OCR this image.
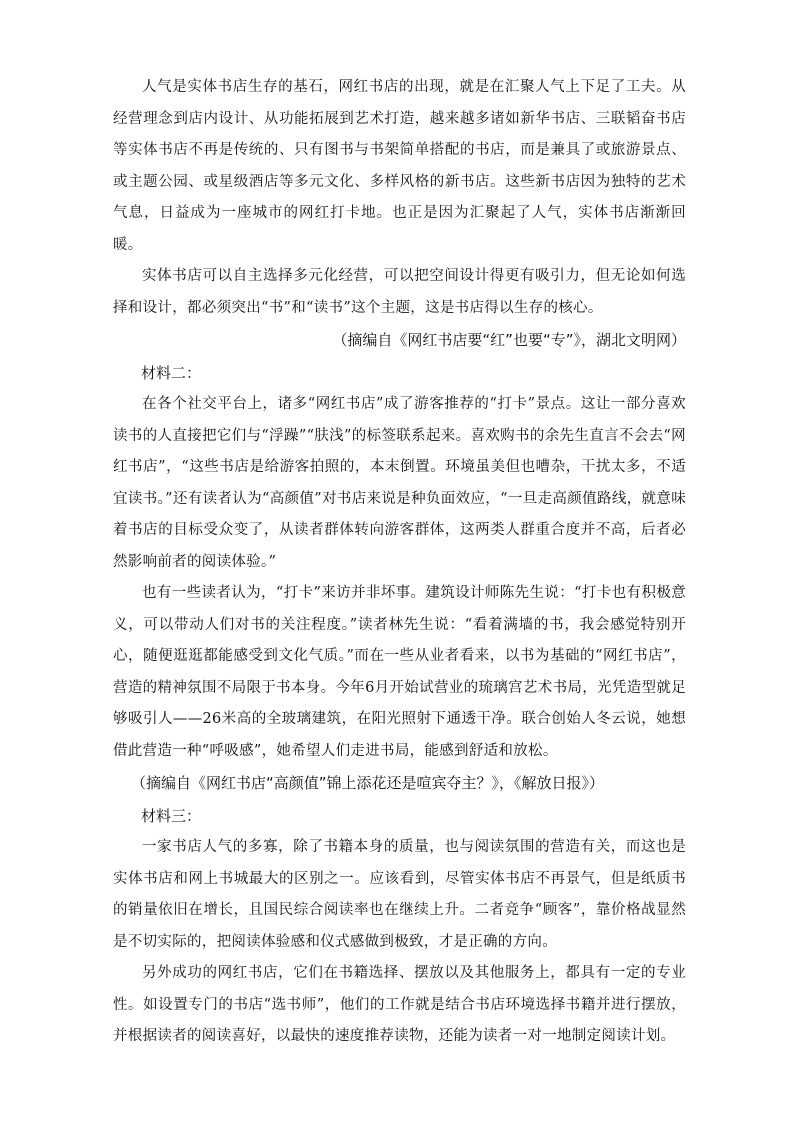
人气是实体书店生存的基石，网红书店的出现，就是在汇聚人气上下足了工夫。从经营理念到店内设计、从功能拓展到艺术打造，越来越多诸如新华书店、三联韬奋书店等实体书店不再是传统的、只有图书与书架简单搭配的书店，而是兼具了或旅游景点、或主题公园、或星级酒店等多元文化、多样风格的新书店。这些新书店因为独特的艺术气息，日益成为一座城市的网红打卡地。也正是因为汇聚起了人气，实体书店渐渐回暖。

实体书店可以自主选择多元化经营，可以把空间设计得更有吸引力，但无论如何选择和设计，都必须突出“书”和“读书”这个主题，这是书店得以生存的核心。

（摘编自《网红书店要“红”也要“专”》，湖北文明网）

材料二：

在各个社交平台上，诸多“网红书店”成了游客推荐的“打卡”景点。这让一部分喜欢读书的人直接把它们与“浮躁”“肤浅”的标签联系起来。喜欢购书的余先生直言不会去“网红书店”，“这些书店是给游客拍照的，本末倒置。环境虽美但也嘈杂，干扰太多，不适宜读书。”还有读者认为“高颜值”对书店来说是种负面效应，“一旦走高颜值路线，就意味着书店的目标受众变了，从读者群体转向游客群体，这两类人群重合度并不高，后者必然影响前者的阅读体验。”

也有一些读者认为，“打卡”来访并非坏事。建筑设计师陈先生说：“打卡也有积极意义，可以带动人们对书的关注程度。”读者林先生说：“看着满墙的书，我会感觉特别开心，随便逛逛都能感受到文化气质。”而在一些从业者看来，以书为基础的“网红书店”，营造的精神氛围不局限于书本身。今年6月开始试营业的琉璃宫艺术书局，光凭造型就足够吸引人——26米高的全玻璃建筑，在阳光照射下通透干净。联合创始人冬云说，她想借此营造一种“呼吸感”，她希望人们走进书局，能感到舒适和放松。

（摘编自《网红书店“高颜值”锦上添花还是喧宾夺主？》，《解放日报》）

材料三：

一家书店人气的多寡，除了书籍本身的质量，也与阅读氛围的营造有关，而这也是实体书店和网上书城最大的区别之一。应该看到，尽管实体书店不再景气，但是纸质书的销量依旧在增长，且国民综合阅读率也在继续上升。二者竞争“顾客”，靠价格战显然是不切实际的，把阅读体验感和仪式感做到极致，才是正确的方向。

另外成功的网红书店，它们在书籍选择、摆放以及其他服务上，都具有一定的专业性。如设置专门的书店“选书师”，他们的工作就是结合书店环境选择书籍并进行摆放，并根据读者的阅读喜好，以最快的速度推荐读物，还能为读者一对一地制定阅读计划。
